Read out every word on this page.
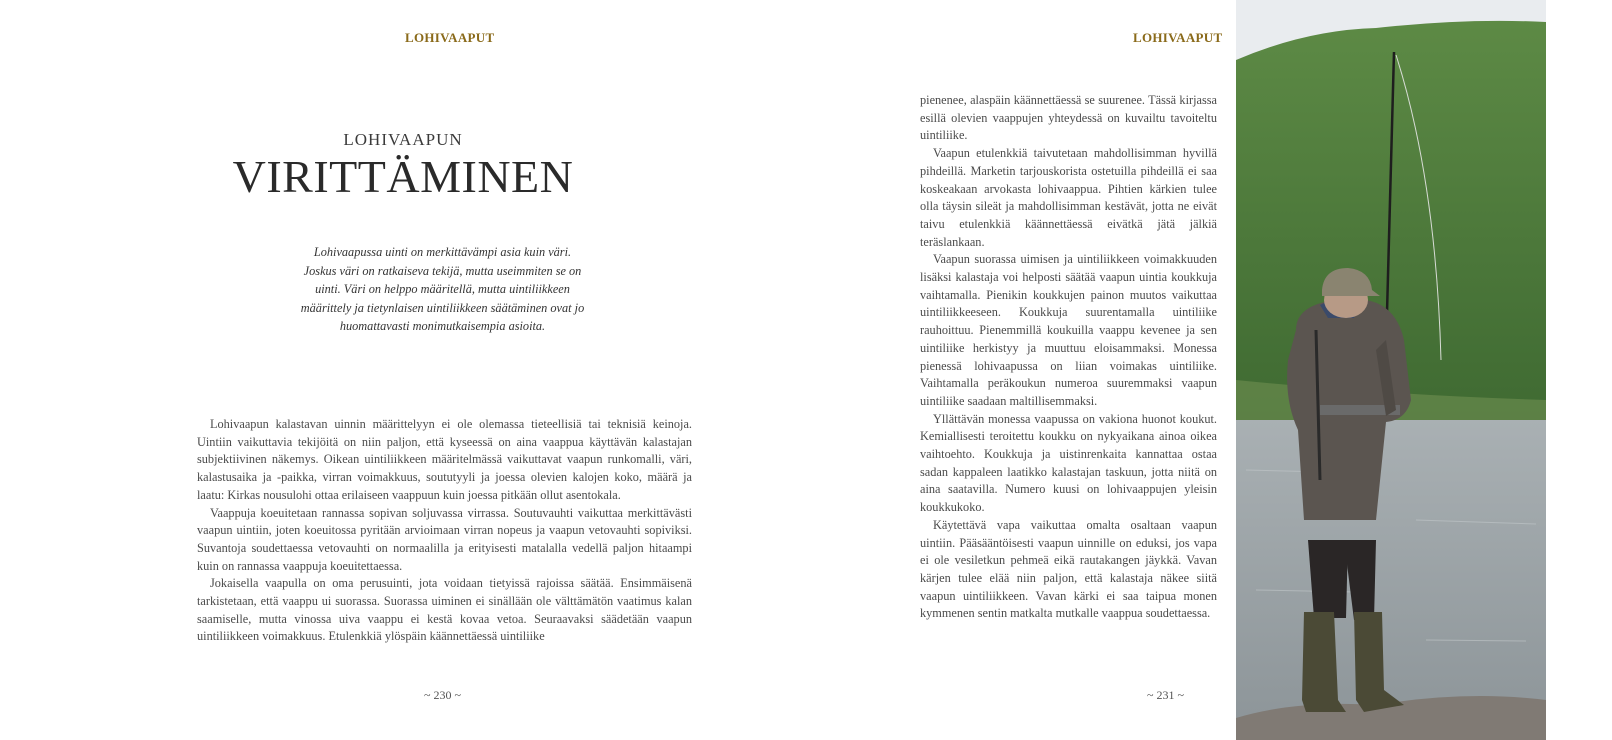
LOHIVAAPUT
LOHIVAAPUN
VIRITTÄMINEN
Lohivaapussa uinti on merkittävämpi asia kuin väri. Joskus väri on ratkaiseva tekijä, mutta useimmiten se on uinti. Väri on helppo määritellä, mutta uintiliikkeen määrittely ja tietynlaisen uintiliikkeen säätäminen ovat jo huomattavasti monimutkaisempia asioita.

Lohivaapun kalastavan uinnin määrittelyyn ei ole olemassa tieteellisiä tai teknisiä keinoja. Uintiin vaikuttavia tekijöitä on niin paljon, että kyseessä on aina vaappua käyttävän kalastajan subjektiivinen näkemys. Oikean uintiliikkeen määritelmässä vaikuttavat vaapun runkomalli, väri, kalastusaika ja -paikka, virran voimakkuus, soututyyli ja joessa olevien kalojen koko, määrä ja laatu: Kirkas nousulohi ottaa erilaiseen vaappuun kuin joessa pitkään ollut asentokala.

Vaappuja koeuitetaan rannassa sopivan soljuvassa virrassa. Soutuvauhti vaikuttaa merkittävästi vaapun uintiin, joten koeuitossa pyritään arvioimaan virran nopeus ja vaapun vetovauhti sopiviksi. Suvantoja soudettaessa vetovauhti on normaalilla ja erityisesti matalalla vedellä paljon hitaampi kuin on rannassa vaappuja koeuitettaessa.

Jokaisella vaapulla on oma perusuinti, jota voidaan tietyissä rajoissa säätää. Ensimmäisenä tarkistetaan, että vaappu ui suorassa. Suorassa uiminen ei sinällään ole välttämätön vaatimus kalan saamiselle, mutta vinossa uiva vaappu ei kestä kovaa vetoa. Seuraavaksi säädetään vaapun uintiliikkeen voimakkuus. Etulenkkiä ylöspäin käännettäessä uintiliike

~ 230 ~
LOHIVAAPUT

pienenee, alaspäin käännettäessä se suurenee. Tässä kirjassa esillä olevien vaappujen yhteydessä on kuvailtu tavoiteltu uintiliike.

Vaapun etulenkkiä taivutetaan mahdollisimman hyvillä pihdeillä. Marketin tarjouskorista ostetuilla pihdeillä ei saa koskeakaan arvokasta lohivaappua. Pihtien kärkien tulee olla täysin sileät ja mahdollisimman kestävät, jotta ne eivät taivu etulenkkiä käännettäessä eivätkä jätä jälkiä teräslankaan.

Vaapun suorassa uimisen ja uintiliikkeen voimakkuuden lisäksi kalastaja voi helposti säätää vaapun uintia koukkuja vaihtamalla. Pienikin koukkujen painon muutos vaikuttaa uintiliikkeeseen. Koukkuja suurentamalla uintiliike rauhoittuu. Pienemmillä koukuilla vaappu kevenee ja sen uintiliike herkistyy ja muuttuu eloisammaksi. Monessa pienessä lohivaapussa on liian voimakas uintiliike. Vaihtamalla peräkoukun numeroa suuremmaksi vaapun uintiliike saadaan maltillisemmaksi.

Yllättävän monessa vaapussa on vakiona huonot koukut. Kemiallisesti teroitettu koukku on nykyaikana ainoa oikea vaihtoehto. Koukkuja ja uistinrenkaita kannattaa ostaa sadan kappaleen laatikko kalastajan taskuun, jotta niitä on aina saatavilla. Numero kuusi on lohivaappujen yleisin koukkukoko.

Käytettävä vapa vaikuttaa omalta osaltaan vaapun uintiin. Pääsääntöisesti vaapun uinnille on eduksi, jos vapa ei ole vesiletkun pehmeä eikä rautakangen jäykkä. Vavan kärjen tulee elää niin paljon, että kalastaja näkee siitä vaapun uintiliikkeen. Vavan kärki ei saa taipua monen kymmenen sentin matkalta mutkalle vaappua soudettaessa.

~ 231 ~
